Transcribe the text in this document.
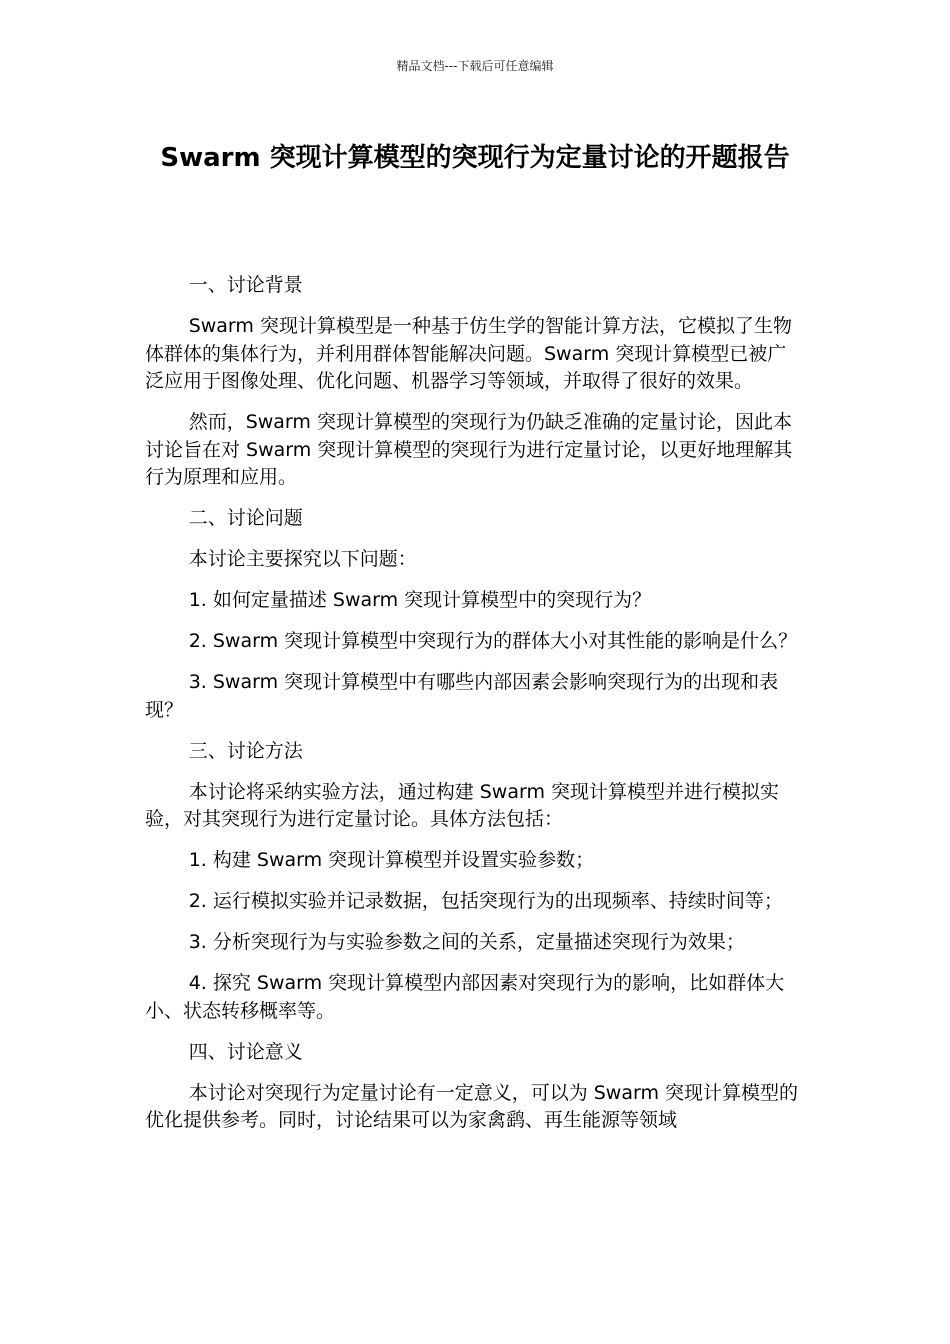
精品文档---下载后可任意编辑
Swarm 突现计算模型的突现行为定量讨论的开题报告

一、讨论背景

Swarm 突现计算模型是一种基于仿生学的智能计算方法，它模拟了生物体群体的集体行为，并利用群体智能解决问题。Swarm 突现计算模型已被广泛应用于图像处理、优化问题、机器学习等领域，并取得了很好的效果。

然而，Swarm 突现计算模型的突现行为仍缺乏准确的定量讨论，因此本讨论旨在对 Swarm 突现计算模型的突现行为进行定量讨论，以更好地理解其行为原理和应用。

二、讨论问题

本讨论主要探究以下问题：

1. 如何定量描述 Swarm 突现计算模型中的突现行为？

2. Swarm 突现计算模型中突现行为的群体大小对其性能的影响是什么？

3. Swarm 突现计算模型中有哪些内部因素会影响突现行为的出现和表现？

三、讨论方法

本讨论将采纳实验方法，通过构建 Swarm 突现计算模型并进行模拟实验，对其突现行为进行定量讨论。具体方法包括：

1. 构建 Swarm 突现计算模型并设置实验参数；

2. 运行模拟实验并记录数据，包括突现行为的出现频率、持续时间等；

3. 分析突现行为与实验参数之间的关系，定量描述突现行为效果；

4. 探究 Swarm 突现计算模型内部因素对突现行为的影响，比如群体大小、状态转移概率等。

四、讨论意义

本讨论对突现行为定量讨论有一定意义，可以为 Swarm 突现计算模型的优化提供参考。同时，讨论结果可以为家禽鹞、再生能源等领域
